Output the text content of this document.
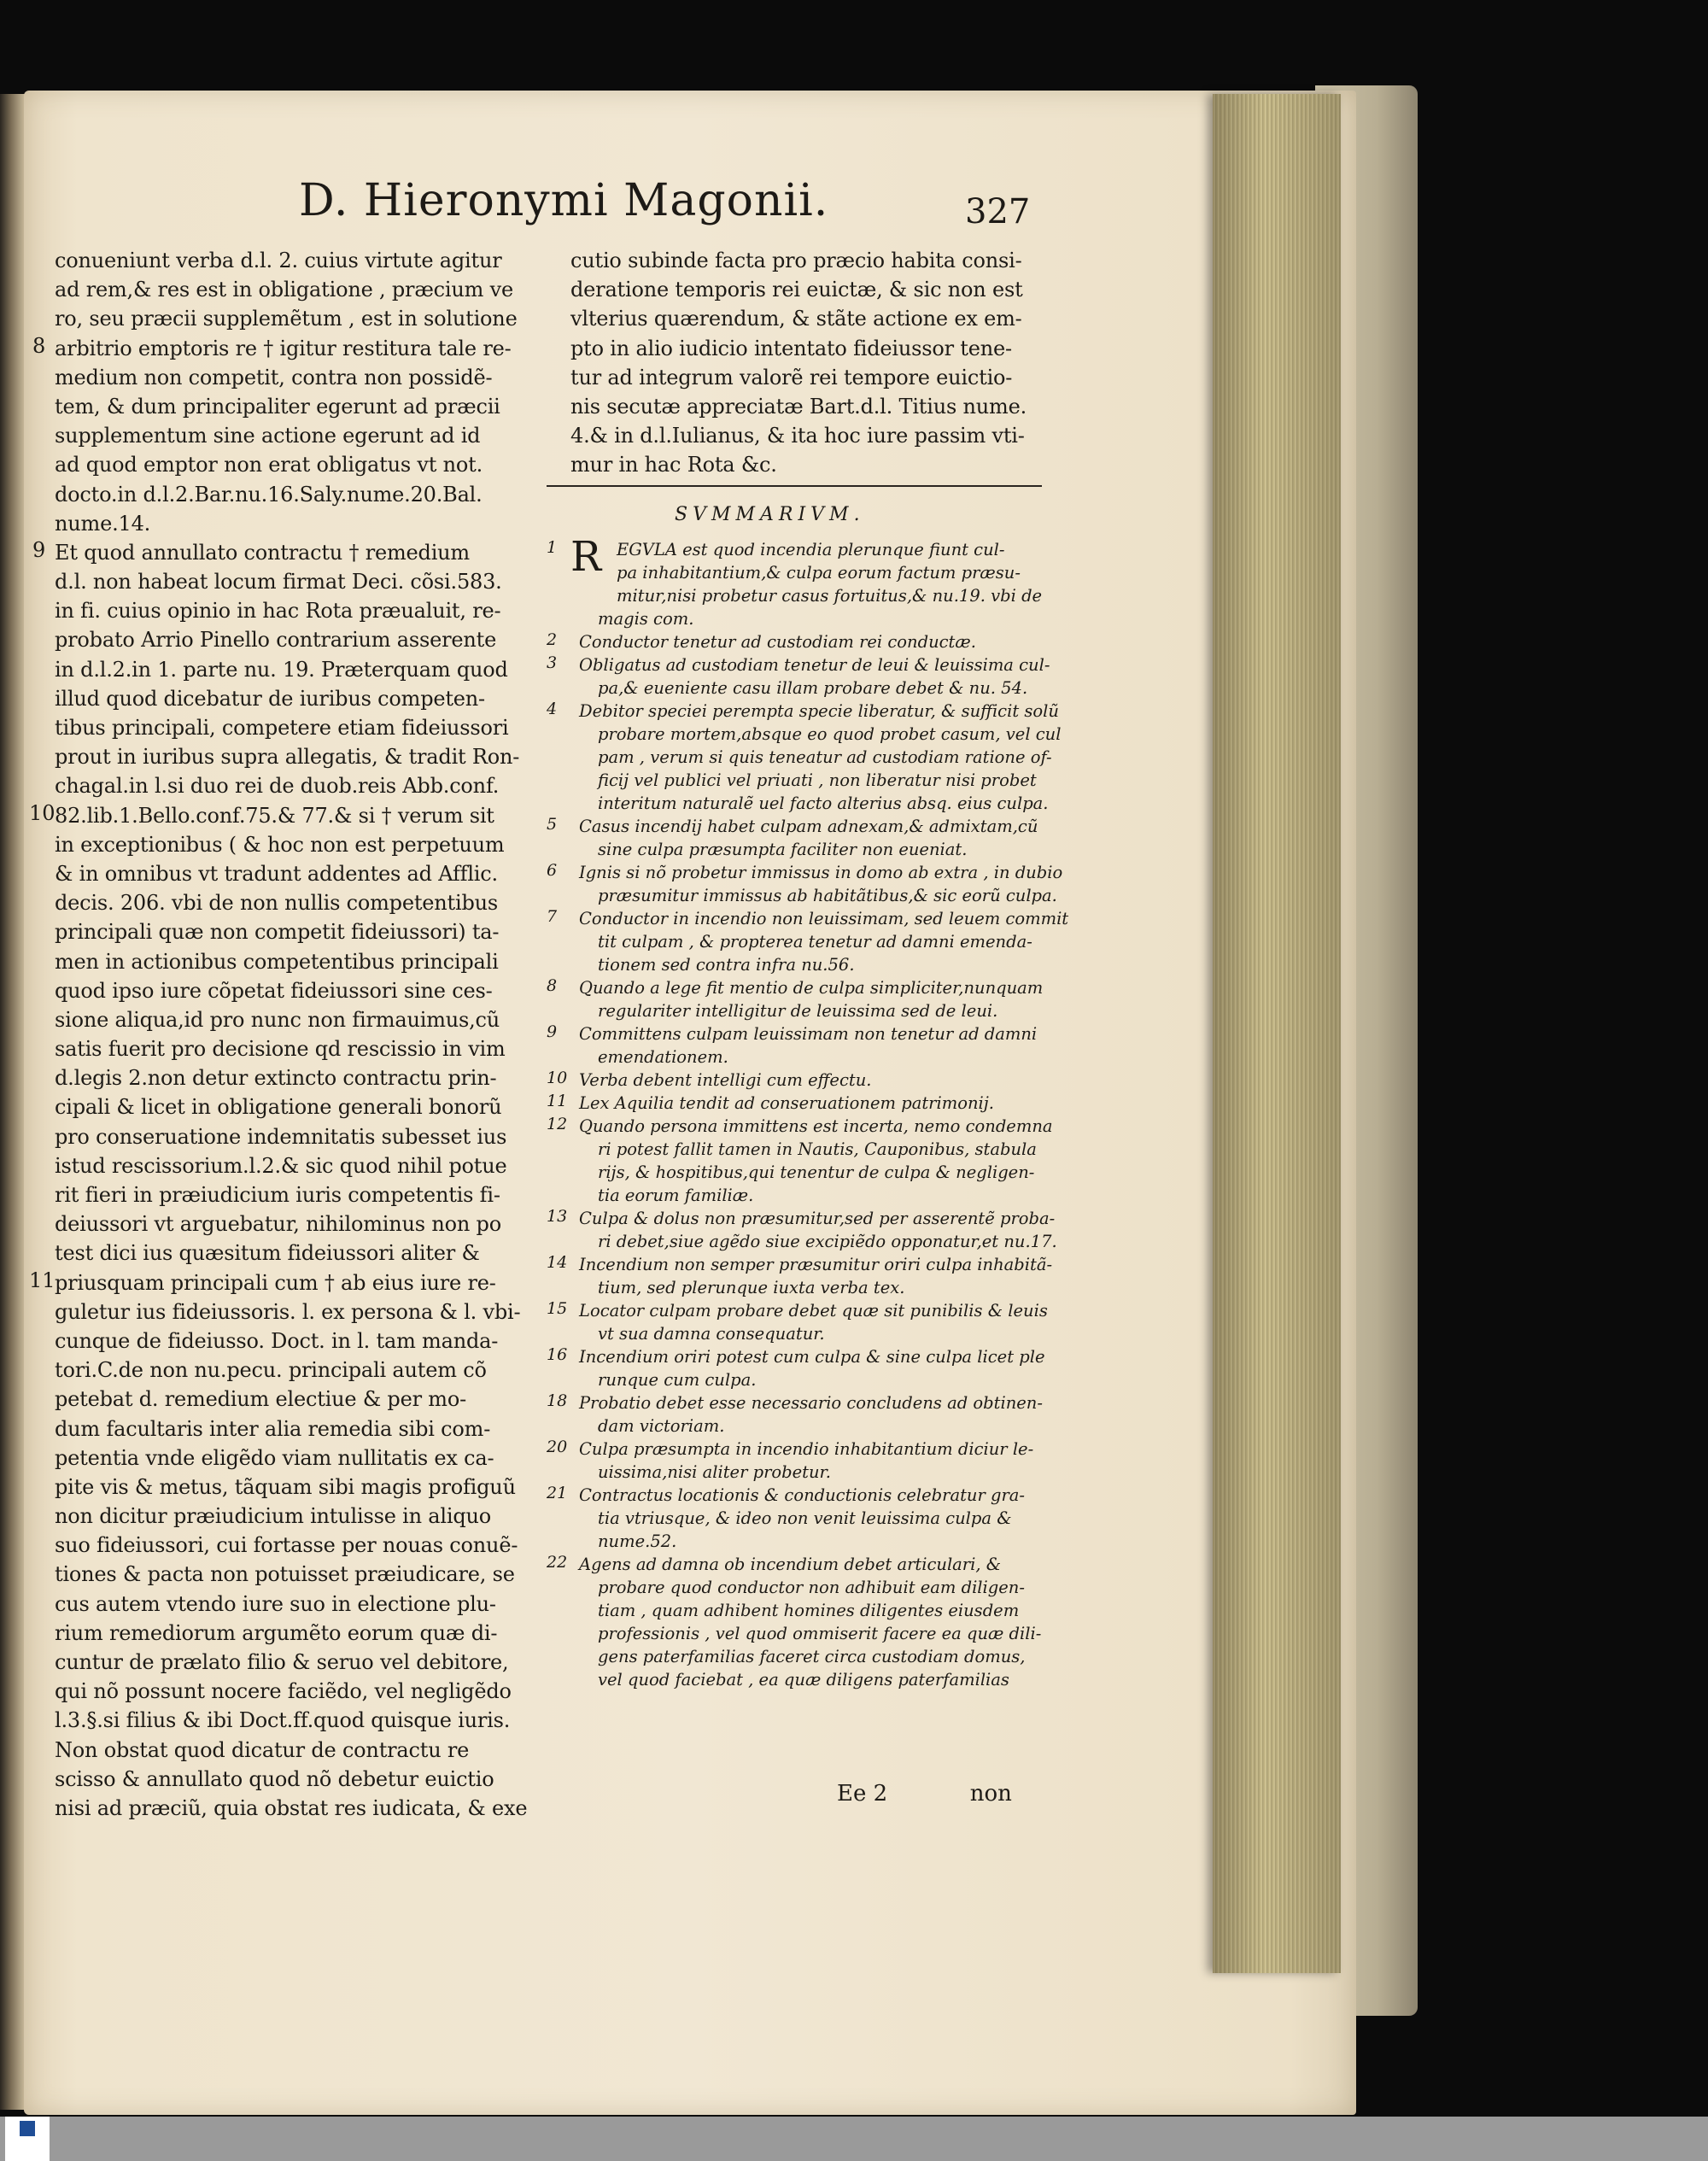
D. Hieronymi Magonii.	327
conueniunt verba d.l. 2. cuius virtute agitur
ad rem,& res est in obligatione , præcium ve
ro, seu præcii supplemẽtum , est in solutione
arbitrio emptoris re † igitur restitura tale re-
medium non competit, contra non possidẽ-
tem, & dum principaliter egerunt ad præcii
supplementum sine actione egerunt ad id
ad quod emptor non erat obligatus vt not.
docto.in d.l.2.Bar.nu.16.Saly.nume.20.Bal.
nume.14.
Et quod annullato contractu † remedium
d.l. non habeat locum firmat Deci. cõsi.583.
in fi. cuius opinio in hac Rota præualuit, re-
probato Arrio Pinello contrarium asserente
in d.l.2.in 1. parte nu. 19. Præterquam quod
illud quod dicebatur de iuribus competen-
tibus principali, competere etiam fideiussori
prout in iuribus supra allegatis, & tradit Ron-
chagal.in l.si duo rei de duob.reis Abb.conf.
82.lib.1.Bello.conf.75.& 77.& si † verum sit
in exceptionibus ( & hoc non est perpetuum
& in omnibus vt tradunt addentes ad Afflic.
decis. 206. vbi de non nullis competentibus
principali quæ non competit fideiussori) ta-
men in actionibus competentibus principali
quod ipso iure cõpetat fideiussori sine ces-
sione aliqua,id pro nunc non firmauimus,cũ
satis fuerit pro decisione qd rescissio in vim
d.legis 2.non detur extincto contractu prin-
cipali & licet in obligatione generali bonorũ
pro conseruatione indemnitatis subesset ius
istud rescissorium.l.2.& sic quod nihil potue
rit fieri in præiudicium iuris competentis fi-
deiussori vt arguebatur, nihilominus non po
test dici ius quæsitum fideiussori aliter &
priusquam principali cum † ab eius iure re-
guletur ius fideiussoris. l. ex persona & l. vbi-
cunque de fideiusso. Doct. in l. tam manda-
tori.C.de non nu.pecu. principali autem cõ
petebat d. remedium electiue & per mo-
dum facultaris inter alia remedia sibi com-
petentia vnde eligẽdo viam nullitatis ex ca-
pite vis & metus, tãquam sibi magis profiguũ
non dicitur præiudicium intulisse in aliquo
suo fideiussori, cui fortasse per nouas conuẽ-
tiones & pacta non potuisset præiudicare, se
cus autem vtendo iure suo in electione plu-
rium remediorum argumẽto eorum quæ di-
cuntur de prælato filio & seruo vel debitore,
qui nõ possunt nocere faciẽdo, vel negligẽdo
l.3.§.si filius & ibi Doct.ff.quod quisque iuris.
Non obstat quod dicatur de contractu re
scisso & annullato quod nõ debetur euictio
nisi ad præciũ, quia obstat res iudicata, & exe
8
9
10
11
cutio subinde facta pro præcio habita consi-
deratione temporis rei euictæ, & sic non est
vlterius quærendum, & stãte actione ex em-
pto in alio iudicio intentato fideiussor tene-
tur ad integrum valorẽ rei tempore euictio-
nis secutæ appreciatæ Bart.d.l. Titius nume.
4.& in d.l.Iulianus, & ita hoc iure passim vti-
mur in hac Rota &c.
SVMMARIVM.
1 R EGVLA est quod incendia plerunque fiunt cul-
pa inhabitantium,& culpa eorum factum præsu-
mitur,nisi probetur casus fortuitus,& nu.19. vbi de
magis com.
2	Conductor tenetur ad custodiam rei conductæ.
3	Obligatus ad custodiam tenetur de leui & leuissima cul-
pa,& eueniente casu illam probare debet & nu. 54.
4	Debitor speciei perempta specie liberatur, & sufficit solũ
probare mortem,absque eo quod probet casum, vel cul
pam , verum si quis teneatur ad custodiam ratione of-
ficij vel publici vel priuati , non liberatur nisi probet
interitum naturalẽ uel facto alterius absq. eius culpa.
5	Casus incendij habet culpam adnexam,& admixtam,cũ
sine culpa præsumpta faciliter non eueniat.
6	Ignis si nõ probetur immissus in domo ab extra , in dubio
præsumitur immissus ab habitãtibus,& sic eorũ culpa.
7	Conductor in incendio non leuissimam, sed leuem commit
tit culpam , & propterea tenetur ad damni emenda-
tionem sed contra infra nu.56.
8	Quando a lege fit mentio de culpa simpliciter,nunquam
regulariter intelligitur de leuissima sed de leui.
9	Committens culpam leuissimam non tenetur ad damni
emendationem.
10 Verba debent intelligi cum effectu.
11 Lex Aquilia tendit ad conseruationem patrimonij.
12 Quando persona immittens est incerta, nemo condemna
ri potest fallit tamen in Nautis, Cauponibus, stabula
rijs, & hospitibus,qui tenentur de culpa & negligen-
tia eorum familiæ.
13 Culpa & dolus non præsumitur,sed per asserentẽ proba-
ri debet,siue agẽdo siue excipiẽdo opponatur,et nu.17.
14 Incendium non semper præsumitur oriri culpa inhabitã-
tium, sed plerunque iuxta verba tex.
15 Locator culpam probare debet quæ sit punibilis & leuis
vt sua damna consequatur.
16 Incendium oriri potest cum culpa & sine culpa licet ple
runque cum culpa.
18 Probatio debet esse necessario concludens ad obtinen-
dam victoriam.
20 Culpa præsumpta in incendio inhabitantium diciur le-
uissima,nisi aliter probetur.
21 Contractus locationis & conductionis celebratur gra-
tia vtriusque, & ideo non venit leuissima culpa &
nume.52.
22 Agens ad damna ob incendium debet articulari, &
probare quod conductor non adhibuit eam diligen-
tiam , quam adhibent homines diligentes eiusdem
professionis , vel quod ommiserit facere ea quæ dili-
gens paterfamilias faceret circa custodiam domus,
vel quod faciebat , ea quæ diligens paterfamilias
Ee 2	non
